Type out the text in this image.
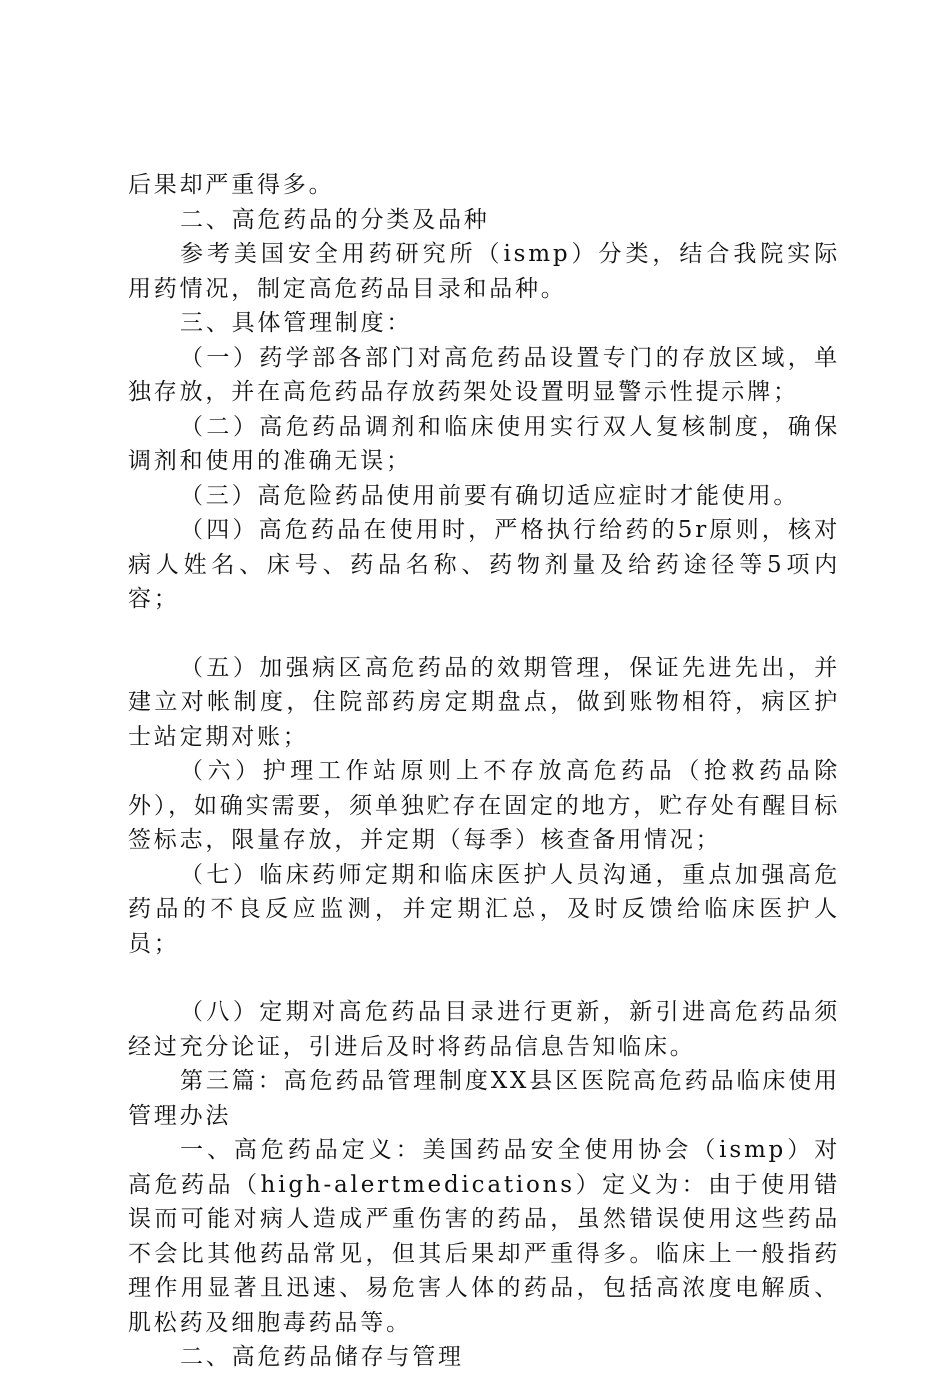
后果却严重得多。

二、高危药品的分类及品种

参考美国安全用药研究所（ismp）分类，结合我院实际用药情况，制定高危药品目录和品种。

三、具体管理制度：

（一）药学部各部门对高危药品设置专门的存放区域，单独存放，并在高危药品存放药架处设置明显警示性提示牌；

（二）高危药品调剂和临床使用实行双人复核制度，确保调剂和使用的准确无误；

（三）高危险药品使用前要有确切适应症时才能使用。

（四）高危药品在使用时，严格执行给药的5r原则，核对病人姓名、床号、药品名称、药物剂量及给药途径等5项内容；

（五）加强病区高危药品的效期管理，保证先进先出，并建立对帐制度，住院部药房定期盘点，做到账物相符，病区护士站定期对账；

（六）护理工作站原则上不存放高危药品（抢救药品除外），如确实需要，须单独贮存在固定的地方，贮存处有醒目标签标志，限量存放，并定期（每季）核查备用情况；

（七）临床药师定期和临床医护人员沟通，重点加强高危药品的不良反应监测，并定期汇总，及时反馈给临床医护人员；

（八）定期对高危药品目录进行更新，新引进高危药品须经过充分论证，引进后及时将药品信息告知临床。

第三篇：高危药品管理制度XX县区医院高危药品临床使用管理办法

一、高危药品定义：美国药品安全使用协会（ismp）对高危药品（high-alertmedications）定义为：由于使用错误而可能对病人造成严重伤害的药品，虽然错误使用这些药品不会比其他药品常见，但其后果却严重得多。临床上一般指药理作用显著且迅速、易危害人体的药品，包括高浓度电解质、肌松药及细胞毒药品等。

二、高危药品储存与管理
